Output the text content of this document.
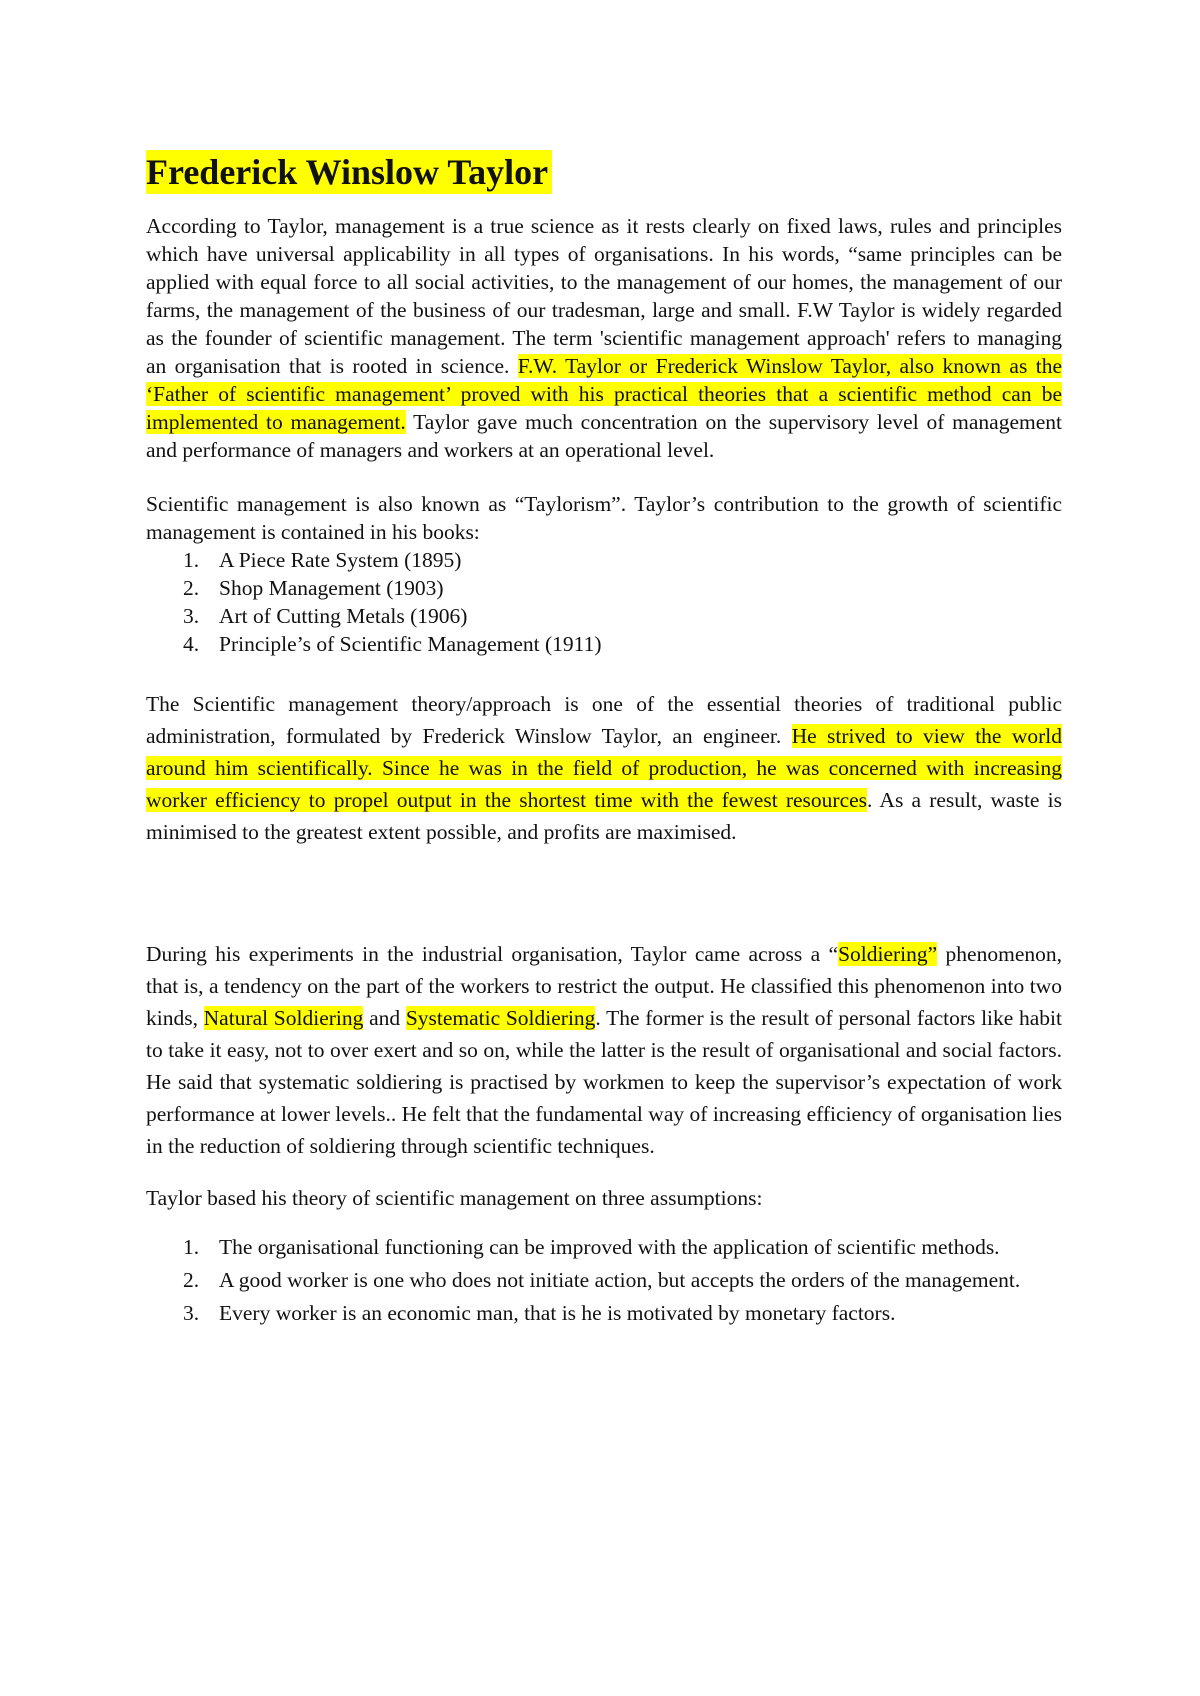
Frederick Winslow Taylor

According to Taylor, management is a true science as it rests clearly on fixed laws, rules and principles which have universal applicability in all types of organisations. In his words, “same principles can be applied with equal force to all social activities, to the management of our homes, the management of our farms, the management of the business of our tradesman, large and small. F.W Taylor is widely regarded as the founder of scientific management. The term 'scientific management approach' refers to managing an organisation that is rooted in science. F.W. Taylor or Frederick Winslow Taylor, also known as the ‘Father of scientific management’ proved with his practical theories that a scientific method can be implemented to management. Taylor gave much concentration on the supervisory level of management and performance of managers and workers at an operational level.

Scientific management is also known as “Taylorism”. Taylor’s contribution to the growth of scientific management is contained in his books:

1. A Piece Rate System (1895)
2. Shop Management (1903)
3. Art of Cutting Metals (1906)
4. Principle’s of Scientific Management (1911)

The Scientific management theory/approach is one of the essential theories of traditional public administration, formulated by Frederick Winslow Taylor, an engineer. He strived to view the world around him scientifically. Since he was in the field of production, he was concerned with increasing worker efficiency to propel output in the shortest time with the fewest resources. As a result, waste is minimised to the greatest extent possible, and profits are maximised.

During his experiments in the industrial organisation, Taylor came across a “Soldiering” phenomenon, that is, a tendency on the part of the workers to restrict the output. He classified this phenomenon into two kinds, Natural Soldiering and Systematic Soldiering. The former is the result of personal factors like habit to take it easy, not to over exert and so on, while the latter is the result of organisational and social factors. He said that systematic soldiering is practised by workmen to keep the supervisor’s expectation of work performance at lower levels.. He felt that the fundamental way of increasing efficiency of organisation lies in the reduction of soldiering through scientific techniques.

Taylor based his theory of scientific management on three assumptions:

1. The organisational functioning can be improved with the application of scientific methods.
2. A good worker is one who does not initiate action, but accepts the orders of the management.
3. Every worker is an economic man, that is he is motivated by monetary factors.
